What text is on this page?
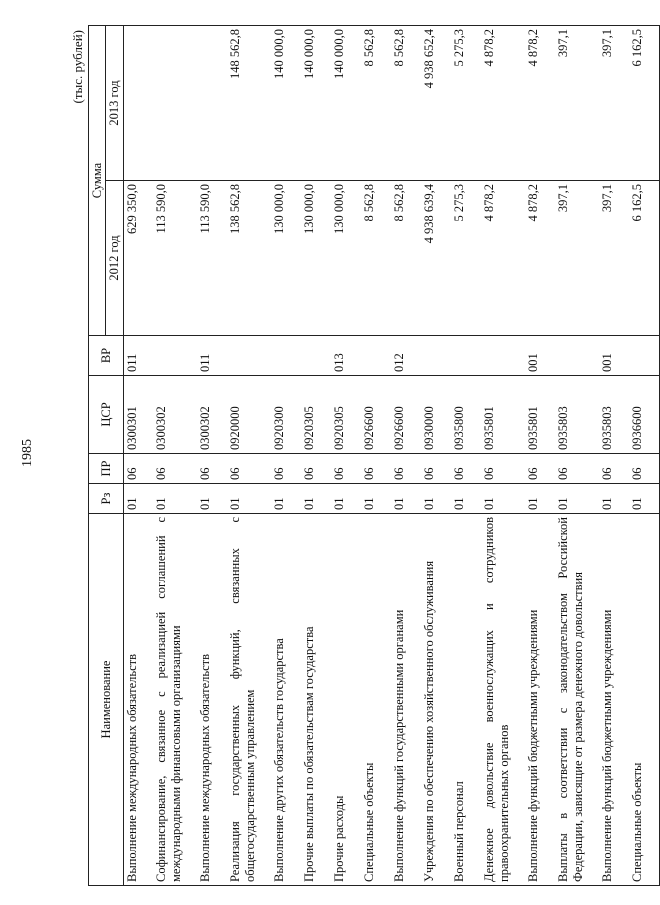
1985
(тыс. рублей)
Наименование	Рз	ПР	ЦСР	ВР	Сумма	
					2012 год	2013 год
Выполнение международных обязательств	01	06	0300301	011	629 350,0	
Софинансирование, связанное с реализацией соглашений с международными финансовыми организациями	01	06	0300302		113 590,0	
Выполнение международных обязательств	01	06	0300302	011	113 590,0	
Реализация государственных функций, связанных с общегосударственным управлением	01	06	0920000		138 562,8	148 562,8
Выполнение других обязательств государства	01	06	0920300		130 000,0	140 000,0
Прочие выплаты по обязательствам государства	01	06	0920305		130 000,0	140 000,0
Прочие расходы	01	06	0920305	013	130 000,0	140 000,0
Специальные объекты	01	06	0926600		8 562,8	8 562,8
Выполнение функций государственными органами	01	06	0926600	012	8 562,8	8 562,8
Учреждения по обеспечению хозяйственного обслуживания	01	06	0930000		4 938 639,4	4 938 652,4
Военный персонал	01	06	0935800		5 275,3	5 275,3
Денежное довольствие военнослужащих и сотрудников правоохранительных органов	01	06	0935801		4 878,2	4 878,2
Выполнение функций бюджетными учреждениями	01	06	0935801	001	4 878,2	4 878,2
Выплаты в соответствии с законодательством Российской Федерации, зависящие от размера денежного довольствия	01	06	0935803		397,1	397,1
Выполнение функций бюджетными учреждениями	01	06	0935803	001	397,1	397,1
Специальные объекты	01	06	0936600		6 162,5	6 162,5
